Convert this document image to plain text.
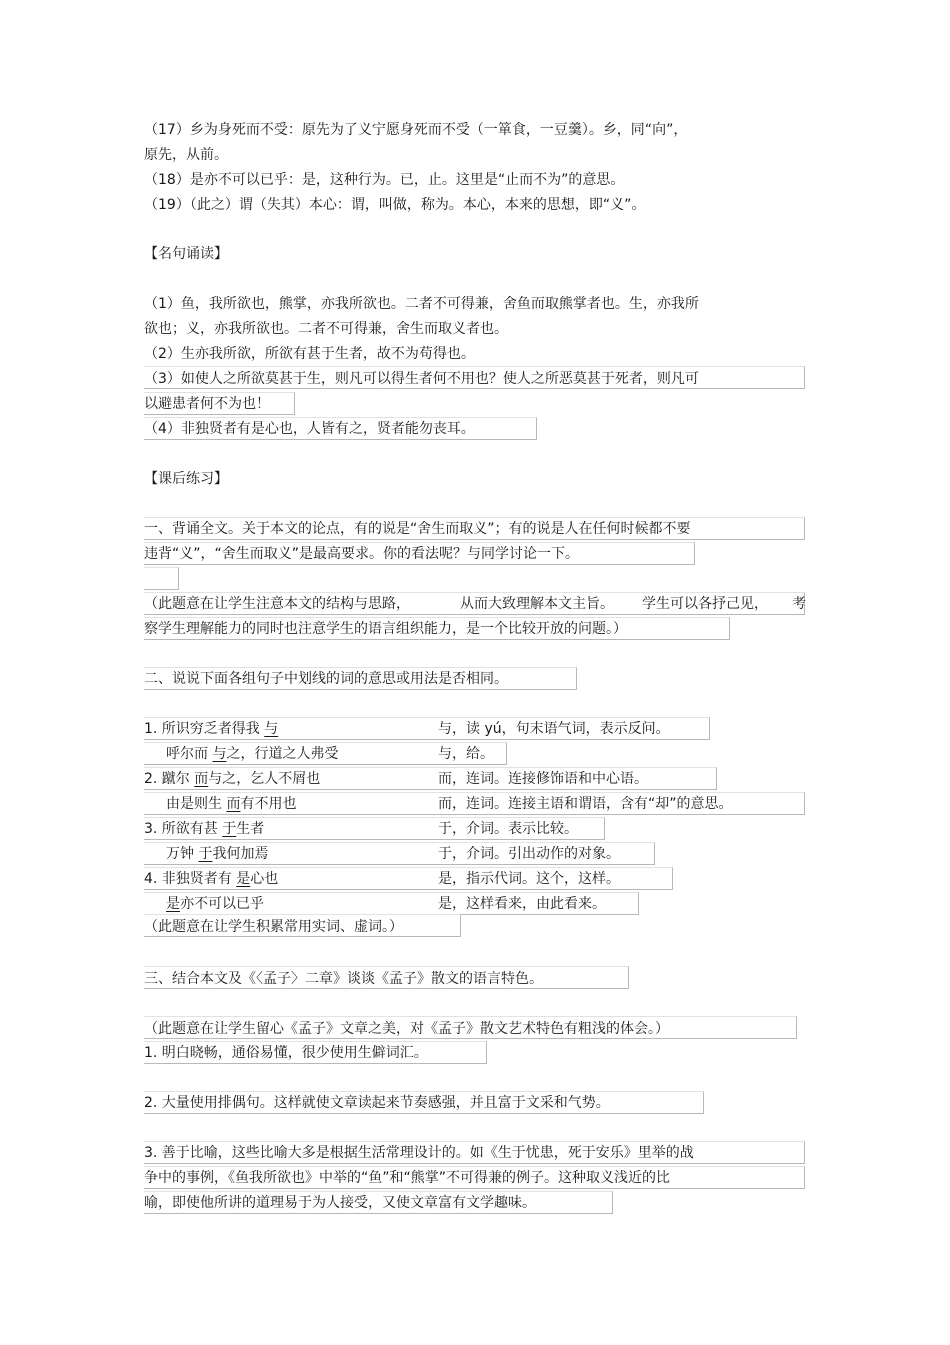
（17）乡为身死而不受：原先为了义宁愿身死而不受（一箪食，一豆羹）。乡，同“向”，
原先，从前。
（18）是亦不可以已乎：是，这种行为。已，止。这里是“止而不为”的意思。
（19）（此之）谓（失其）本心：谓，叫做，称为。本心，本来的思想，即“义”。
【名句诵读】
（1）鱼，我所欲也，熊掌，亦我所欲也。二者不可得兼，舍鱼而取熊掌者也。生，亦我所
欲也；义，亦我所欲也。二者不可得兼，舍生而取义者也。
（2）生亦我所欲，所欲有甚于生者，故不为苟得也。
（3）如使人之所欲莫甚于生，则凡可以得生者何不用也？使人之所恶莫甚于死者，则凡可
以避患者何不为也！
（4）非独贤者有是心也，人皆有之，贤者能勿丧耳。
【课后练习】
一、背诵全文。关于本文的论点，有的说是“舍生而取义”；有的说是人在任何时候都不要
违背“义”，“舍生而取义”是最高要求。你的看法呢？与同学讨论一下。
（此题意在让学生注意本文的结构与思路，	从而大致理解本文主旨。 学生可以各抒己见， 考
察学生理解能力的同时也注意学生的语言组织能力，是一个比较开放的问题。）
二、说说下面各组句子中划线的词的意思或用法是否相同。
1. 所识穷乏者得我 与	与，读 yú，句末语气词，表示反问。
呼尔而 与之，行道之人弗受	与，给。
2. 蹴尔 而与之，乞人不屑也	而，连词。连接修饰语和中心语。
由是则生 而有不用也	而，连词。连接主语和谓语，含有“却”的意思。
3. 所欲有甚 于生者	于，介词。表示比较。
万钟 于我何加焉	于，介词。引出动作的对象。
4. 非独贤者有 是心也	是，指示代词。这个，这样。
是亦不可以已乎	是，这样看来，由此看来。
（此题意在让学生积累常用实词、虚词。）
三、结合本文及《〈孟子〉二章》谈谈《孟子》散文的语言特色。
（此题意在让学生留心《孟子》文章之美，对《孟子》散文艺术特色有粗浅的体会。）
1. 明白晓畅，通俗易懂，很少使用生僻词汇。
2. 大量使用排偶句。这样就使文章读起来节奏感强，并且富于文采和气势。
3. 善于比喻，这些比喻大多是根据生活常理设计的。如《生于忧患，死于安乐》里举的战
争中的事例，《鱼我所欲也》中举的“鱼”和“熊掌”不可得兼的例子。这种取义浅近的比
喻，即使他所讲的道理易于为人接受，又使文章富有文学趣味。
